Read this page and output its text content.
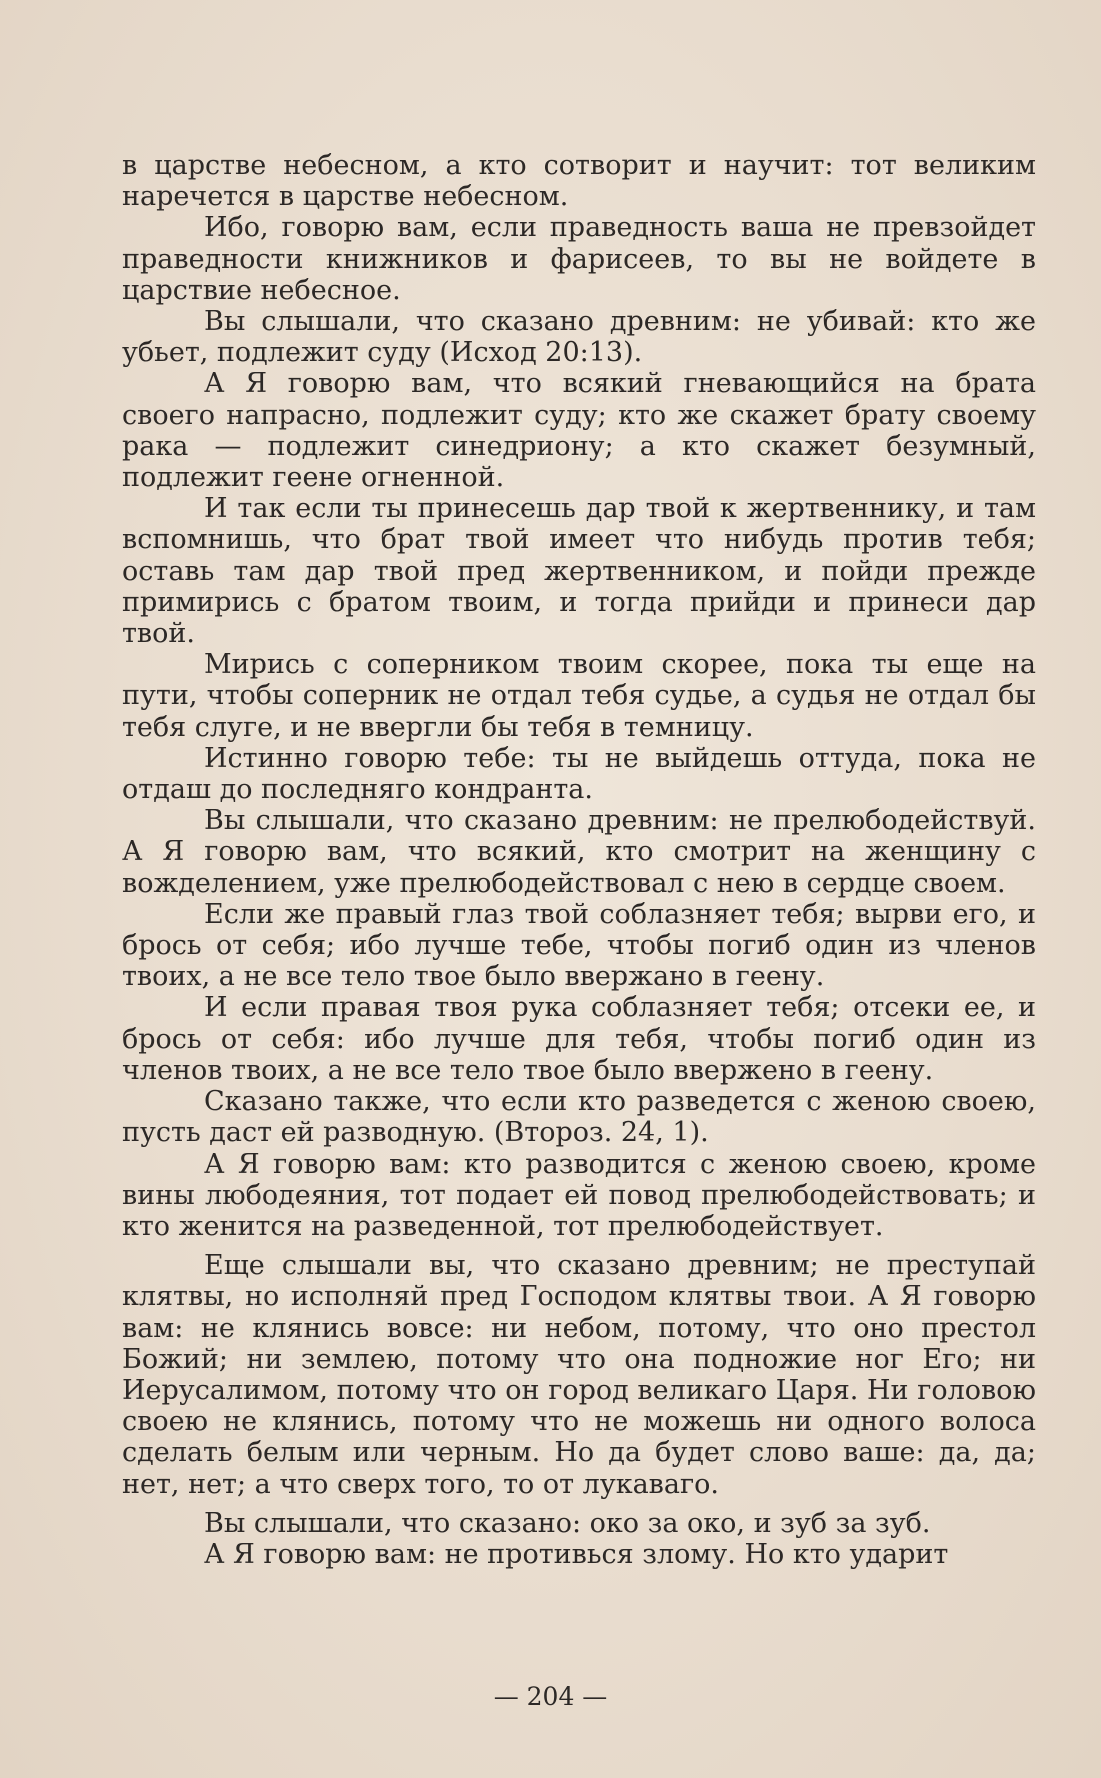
в царстве небесном, а кто сотворит и научит: тот великим наречется в царстве небесном.

Ибо, говорю вам, если праведность ваша не превзойдет праведности книжников и фарисеев, то вы не войдете в царствие небесное.

Вы слышали, что сказано древним: не убивай: кто же убьет, подлежит суду (Исход 20:13).

А Я говорю вам, что всякий гневающийся на брата своего напрасно, подлежит суду; кто же скажет брату своему рака — подлежит синедриону; а кто скажет безумный, подлежит геене огненной.

И так если ты принесешь дар твой к жертвеннику, и там вспомнишь, что брат твой имеет что нибудь против тебя; оставь там дар твой пред жертвенником, и пойди прежде примирись с братом твоим, и тогда прийди и принеси дар твой.

Мирись с соперником твоим скорее, пока ты еще на пути, чтобы соперник не отдал тебя судье, а судья не отдал бы тебя слуге, и не ввергли бы тебя в темницу.

Истинно говорю тебе: ты не выйдешь оттуда, пока не отдаш до последняго кондранта.

Вы слышали, что сказано древним: не прелюбодействуй. А Я говорю вам, что всякий, кто смотрит на женщину с вожделением, уже прелюбодействовал с нею в сердце своем.

Если же правый глаз твой соблазняет тебя; вырви его, и брось от себя; ибо лучше тебе, чтобы погиб один из членов твоих, а не все тело твое было ввержано в геену.

И если правая твоя рука соблазняет тебя; отсеки ее, и брось от себя: ибо лучше для тебя, чтобы погиб один из членов твоих, а не все тело твое было ввержено в геену.

Сказано также, что если кто разведется с женою своею, пусть даст ей разводную. (Второз. 24, 1).

А Я говорю вам: кто разводится с женою своею, кроме вины любодеяния, тот подает ей повод прелюбодействовать; и кто женится на разведенной, тот прелюбодействует.

Еще слышали вы, что сказано древним; не преступай клятвы, но исполняй пред Господом клятвы твои. А Я говорю вам: не клянись вовсе: ни небом, потому, что оно престол Божий; ни землею, потому что она подножие ног Его; ни Иерусалимом, потому что он город великаго Царя. Ни головою своею не клянись, потому что не можешь ни одного волоса сделать белым или черным. Но да будет слово ваше: да, да; нет, нет; а что сверх того, то от лукаваго.

Вы слышали, что сказано: око за око, и зуб за зуб.

А Я говорю вам: не противься злому. Но кто ударит

— 204 —
